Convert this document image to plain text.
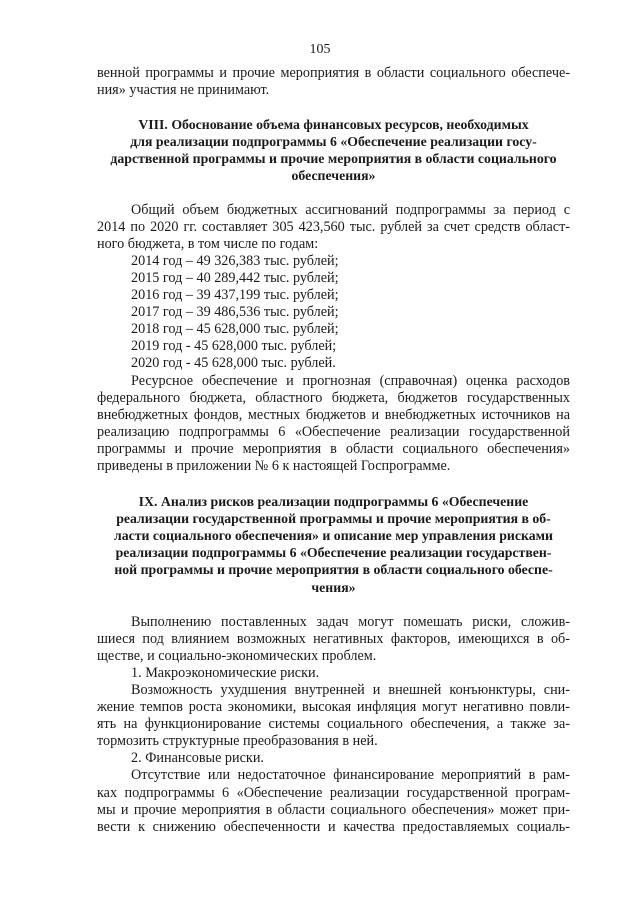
105
венной программы и прочие мероприятия в области социального обеспече-
ния» участия не принимают.
VIII. Обоснование объема финансовых ресурсов, необходимых
для реализации подпрограммы 6 «Обеспечение реализации госу-
дарственной программы и прочие мероприятия в области социального
обеспечения»
Общий объем бюджетных ассигнований подпрограммы за период с
2014 по 2020 гг. составляет 305 423,560 тыс. рублей за счет средств област-
ного бюджета, в том числе по годам:
2014 год – 49 326,383 тыс. рублей;
2015 год – 40 289,442 тыс. рублей;
2016 год – 39 437,199 тыс. рублей;
2017 год – 39 486,536 тыс. рублей;
2018 год – 45 628,000 тыс. рублей;
2019 год - 45 628,000 тыс. рублей;
2020 год - 45 628,000 тыс. рублей.
Ресурсное обеспечение и прогнозная (справочная) оценка расходов
федерального бюджета, областного бюджета, бюджетов государственных
внебюджетных фондов, местных бюджетов и внебюджетных источников на
реализацию подпрограммы 6 «Обеспечение реализации государственной
программы и прочие мероприятия в области социального обеспечения»
приведены в приложении № 6 к настоящей Госпрограмме.
IX. Анализ рисков реализации подпрограммы 6 «Обеспечение
реализации государственной программы и прочие мероприятия в об-
ласти социального обеспечения» и описание мер управления рисками
реализации подпрограммы 6 «Обеспечение реализации государствен-
ной программы и прочие мероприятия в области социального обеспе-
чения»
Выполнению поставленных задач могут помешать риски, сложив-
шиеся под влиянием возможных негативных факторов, имеющихся в об-
ществе, и социально-экономических проблем.
1. Макроэкономические риски.
Возможность ухудшения внутренней и внешней конъюнктуры, сни-
жение темпов роста экономики, высокая инфляция могут негативно повли-
ять на функционирование системы социального обеспечения, а также за-
тормозить структурные преобразования в ней.
2. Финансовые риски.
Отсутствие или недостаточное финансирование мероприятий в рам-
ках подпрограммы 6 «Обеспечение реализации государственной програм-
мы и прочие мероприятия в области социального обеспечения» может при-
вести к снижению обеспеченности и качества предоставляемых социаль-
